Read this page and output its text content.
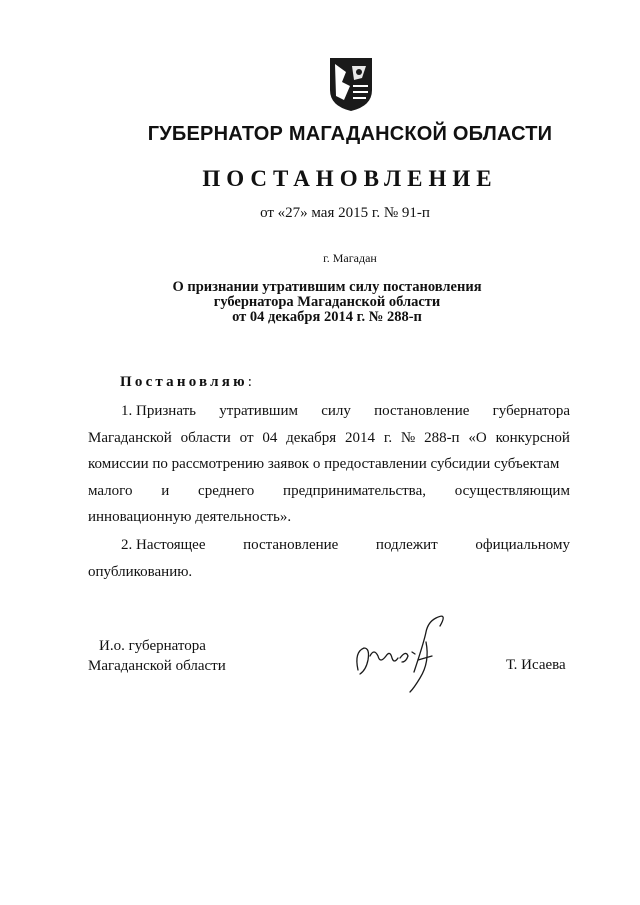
ГУБЕРНАТОР МАГАДАНСКОЙ ОБЛАСТИ
ПОСТАНОВЛЕНИЕ
от «27» мая 2015 г. № 91-п
г. Магадан
О признании утратившим силу постановления
губернатора Магаданской области
от 04 декабря 2014 г. № 288-п
Постановляю:
1. Признать утратившим силу постановление губернатора
Магаданской области от 04 декабря 2014 г. № 288-п «О конкурсной
комиссии по рассмотрению заявок о предоставлении субсидии субъектам
малого и среднего предпринимательства, осуществляющим
инновационную деятельность».
2. Настоящее	постановление	подлежит	официальному
опубликованию.
И.о. губернатора
Магаданской области	Т. Исаева
